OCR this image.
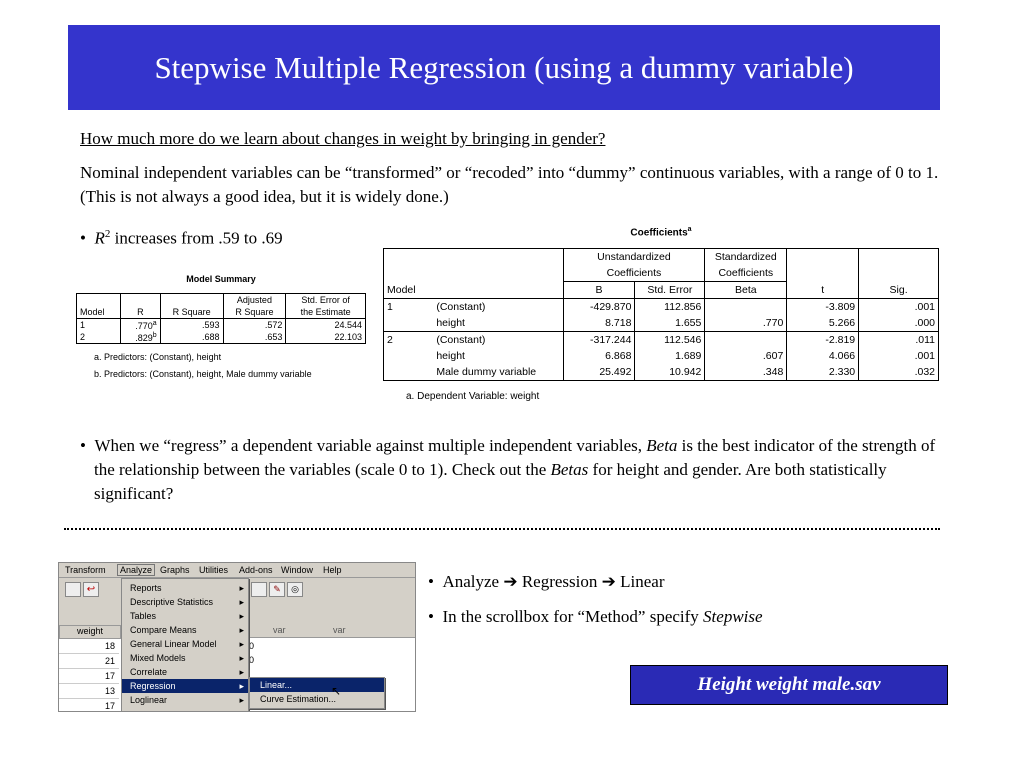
Stepwise Multiple Regression (using a dummy variable)
How much more do we learn about changes in weight by bringing in gender?
Nominal independent variables can be “transformed” or “recoded” into “dummy” continuous variables, with a range of 0 to 1. (This is not always a good idea, but it is widely done.)
•  $R^2$ increases from .59 to .69
Model Summary
			Adjusted	Std. Error of
Model	R	R Square	R Square	the Estimate
1	.770$^a$	.593	.572	24.544
2	.829$^b$	.688	.653	22.103
a. Predictors: (Constant), height
b. Predictors: (Constant), height, Male dummy variable
Coefficients$^a$
		Unstandardized		Standardized		
		Coefficients		Coefficients		
Model		B	Std. Error	Beta	t	Sig.
1	(Constant)	-429.870	112.856		-3.809	.001
	height	8.718	1.655	.770	5.266	.000
2	(Constant)	-317.244	112.546		-2.819	.011
	height	6.868	1.689	.607	4.066	.001
	Male dummy variable	25.492	10.942	.348	2.330	.032
a. Dependent Variable: weight
•  When we “regress” a dependent variable against multiple independent variables, Beta is the best indicator of the strength of the relationship between the variables (scale 0 to 1). Check out the Betas for height and gender. Are both statistically significant?
Transform	Analyze Graphs Utilities Add-ons Window Help
↩	✎	◎
weight	var	var
18
21
17
13
17
0
0
Reports	▸
Descriptive Statistics	▸
Tables	▸
Compare Means	▸
General Linear Model	▸
Mixed Models	▸
Correlate	▸
Regression	▸
Loglinear	▸
Linear...
Curve Estimation...
↖
•  Analyze ➔ Regression ➔ Linear
•  In the scrollbox for “Method” specify Stepwise
Height weight male.sav
